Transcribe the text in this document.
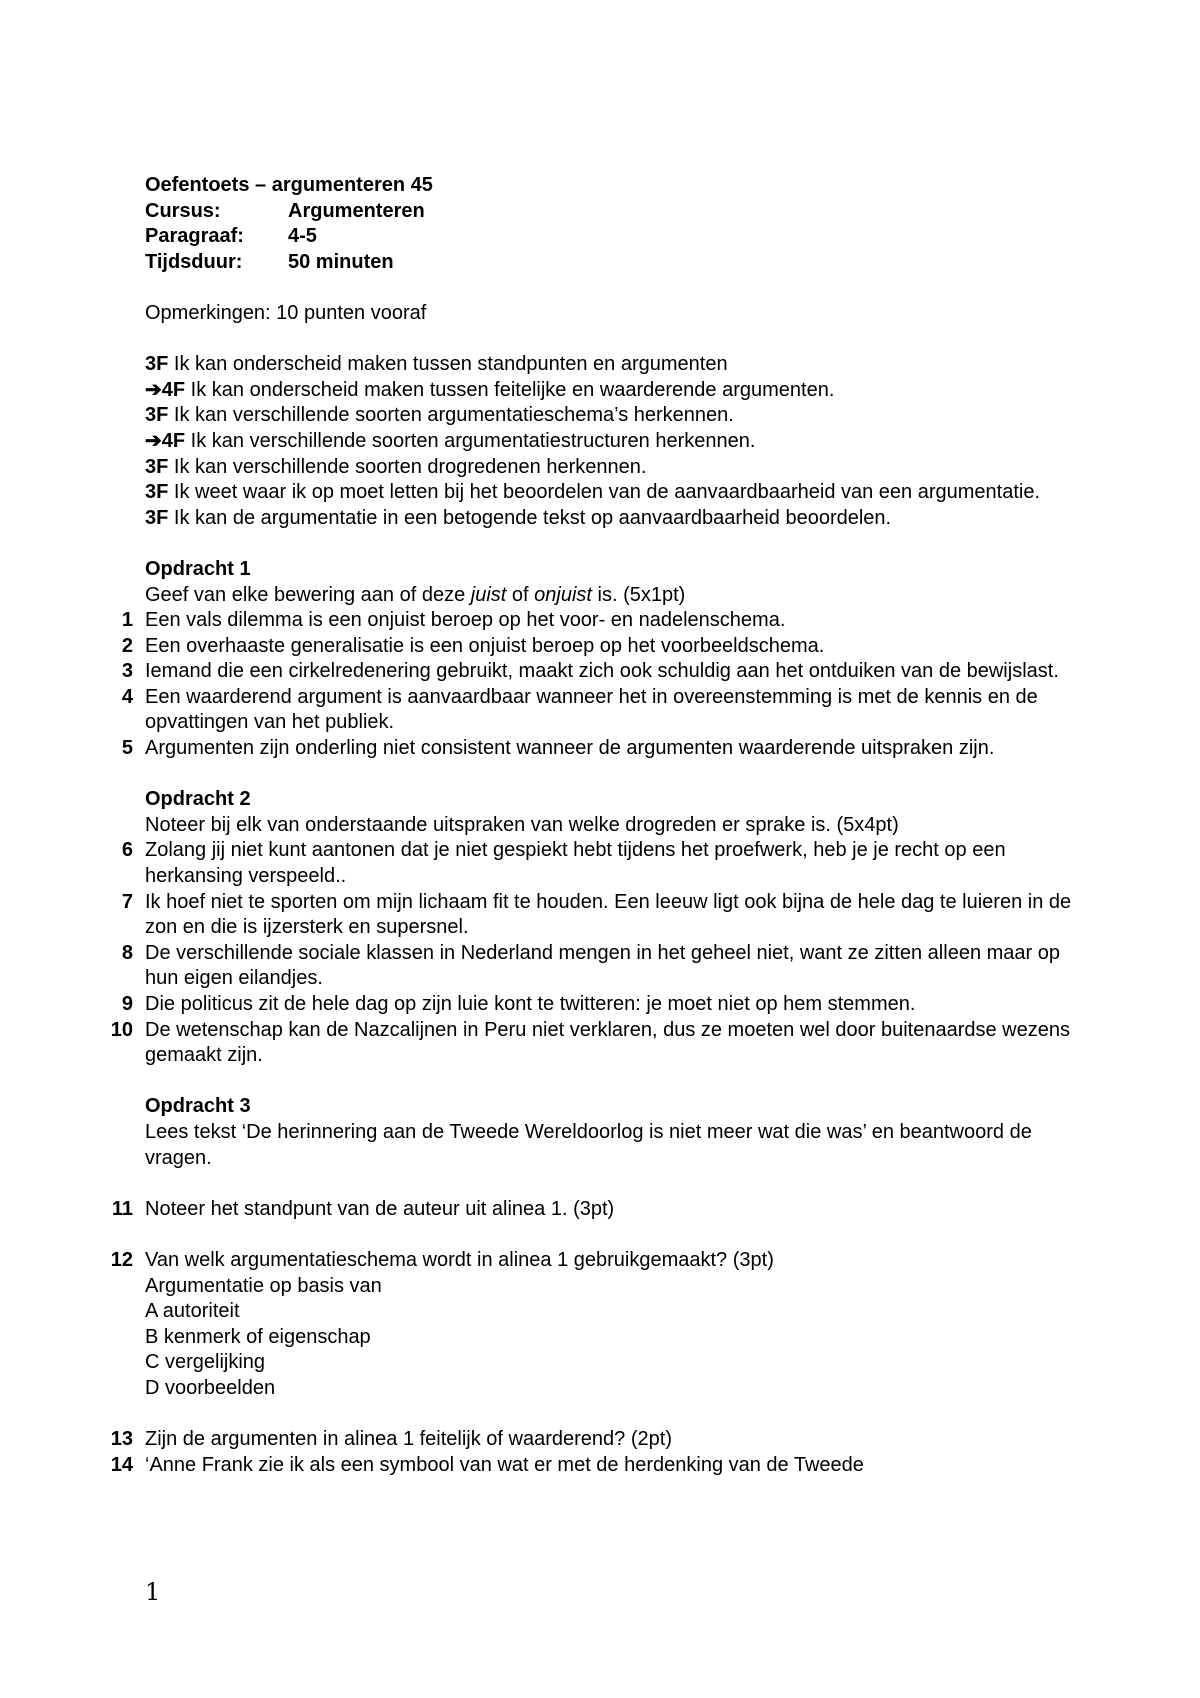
Oefentoets – argumenteren 45
Cursus:	Argumenteren
Paragraaf:	4-5
Tijdsduur:	50 minuten
Opmerkingen: 10 punten vooraf
3F Ik kan onderscheid maken tussen standpunten en argumenten
➔4F Ik kan onderscheid maken tussen feitelijke en waarderende argumenten.
3F Ik kan verschillende soorten argumentatieschema’s herkennen.
➔4F Ik kan verschillende soorten argumentatiestructuren herkennen.
3F Ik kan verschillende soorten drogredenen herkennen.
3F Ik weet waar ik op moet letten bij het beoordelen van de aanvaardbaarheid van een argumentatie.
3F Ik kan de argumentatie in een betogende tekst op aanvaardbaarheid beoordelen.
Opdracht 1
Geef van elke bewering aan of deze juist of onjuist is. (5x1pt)
1 Een vals dilemma is een onjuist beroep op het voor- en nadelenschema.
2 Een overhaaste generalisatie is een onjuist beroep op het voorbeeldschema.
3 Iemand die een cirkelredenering gebruikt, maakt zich ook schuldig aan het ontduiken van de bewijslast.
4 Een waarderend argument is aanvaardbaar wanneer het in overeenstemming is met de kennis en de opvattingen van het publiek.
5 Argumenten zijn onderling niet consistent wanneer de argumenten waarderende uitspraken zijn.
Opdracht 2
Noteer bij elk van onderstaande uitspraken van welke drogreden er sprake is. (5x4pt)
6 Zolang jij niet kunt aantonen dat je niet gespiekt hebt tijdens het proefwerk, heb je je recht op een herkansing verspeeld..
7 Ik hoef niet te sporten om mijn lichaam fit te houden. Een leeuw ligt ook bijna de hele dag te luieren in de zon en die is ijzersterk en supersnel.
8 De verschillende sociale klassen in Nederland mengen in het geheel niet, want ze zitten alleen maar op hun eigen eilandjes.
9 Die politicus zit de hele dag op zijn luie kont te twitteren: je moet niet op hem stemmen.
10 De wetenschap kan de Nazcalijnen in Peru niet verklaren, dus ze moeten wel door buitenaardse wezens gemaakt zijn.
Opdracht 3
Lees tekst ‘De herinnering aan de Tweede Wereldoorlog is niet meer wat die was’ en beantwoord de vragen.
11 Noteer het standpunt van de auteur uit alinea 1. (3pt)
12 Van welk argumentatieschema wordt in alinea 1 gebruikgemaakt? (3pt)
Argumentatie op basis van
A autoriteit
B kenmerk of eigenschap
C vergelijking
D voorbeelden
13 Zijn de argumenten in alinea 1 feitelijk of waarderend? (2pt)
14 ‘Anne Frank zie ik als een symbool van wat er met de herdenking van de Tweede
1
